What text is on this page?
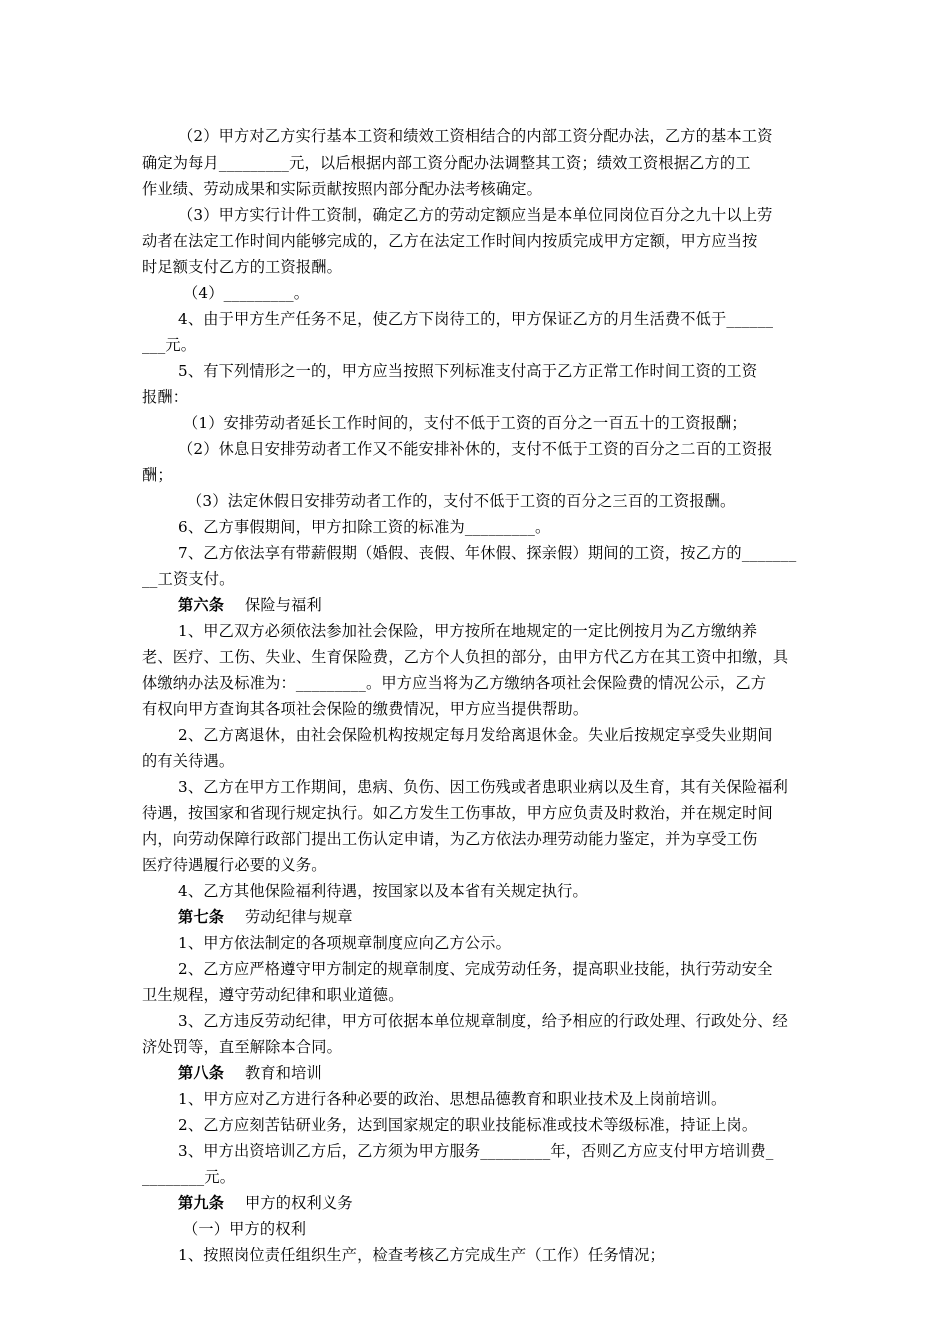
（2）甲方对乙方实行基本工资和绩效工资相结合的内部工资分配办法，乙方的基本工资

确定为每月_________元，以后根据内部工资分配办法调整其工资；绩效工资根据乙方的工

作业绩、劳动成果和实际贡献按照内部分配办法考核确定。

（3）甲方实行计件工资制，确定乙方的劳动定额应当是本单位同岗位百分之九十以上劳

动者在法定工作时间内能够完成的，乙方在法定工作时间内按质完成甲方定额，甲方应当按

时足额支付乙方的工资报酬。

（4）_________。

4、由于甲方生产任务不足，使乙方下岗待工的，甲方保证乙方的月生活费不低于______

___元。

5、有下列情形之一的，甲方应当按照下列标准支付高于乙方正常工作时间工资的工资

报酬：

（1）安排劳动者延长工作时间的，支付不低于工资的百分之一百五十的工资报酬；

（2）休息日安排劳动者工作又不能安排补休的，支付不低于工资的百分之二百的工资报

酬；

（3）法定休假日安排劳动者工作的，支付不低于工资的百分之三百的工资报酬。

6、乙方事假期间，甲方扣除工资的标准为_________。

7、乙方依法享有带薪假期（婚假、丧假、年休假、探亲假）期间的工资，按乙方的_______

__工资支付。

第六条 保险与福利

1、甲乙双方必须依法参加社会保险，甲方按所在地规定的一定比例按月为乙方缴纳养

老、医疗、工伤、失业、生育保险费，乙方个人负担的部分，由甲方代乙方在其工资中扣缴，具

体缴纳办法及标准为：_________。甲方应当将为乙方缴纳各项社会保险费的情况公示，乙方

有权向甲方查询其各项社会保险的缴费情况，甲方应当提供帮助。

2、乙方离退休，由社会保险机构按规定每月发给离退休金。失业后按规定享受失业期间

的有关待遇。

3、乙方在甲方工作期间，患病、负伤、因工伤残或者患职业病以及生育，其有关保险福利

待遇，按国家和省现行规定执行。如乙方发生工伤事故，甲方应负责及时救治，并在规定时间

内，向劳动保障行政部门提出工伤认定申请，为乙方依法办理劳动能力鉴定，并为享受工伤

医疗待遇履行必要的义务。

4、乙方其他保险福利待遇，按国家以及本省有关规定执行。

第七条 劳动纪律与规章

1、甲方依法制定的各项规章制度应向乙方公示。

2、乙方应严格遵守甲方制定的规章制度、完成劳动任务，提高职业技能，执行劳动安全

卫生规程，遵守劳动纪律和职业道德。

3、乙方违反劳动纪律，甲方可依据本单位规章制度，给予相应的行政处理、行政处分、经

济处罚等，直至解除本合同。

第八条 教育和培训

1、甲方应对乙方进行各种必要的政治、思想品德教育和职业技术及上岗前培训。

2、乙方应刻苦钻研业务，达到国家规定的职业技能标准或技术等级标准，持证上岗。

3、甲方出资培训乙方后，乙方须为甲方服务_________年，否则乙方应支付甲方培训费_

________元。

第九条 甲方的权利义务

（一）甲方的权利

1、按照岗位责任组织生产，检查考核乙方完成生产（工作）任务情况；
